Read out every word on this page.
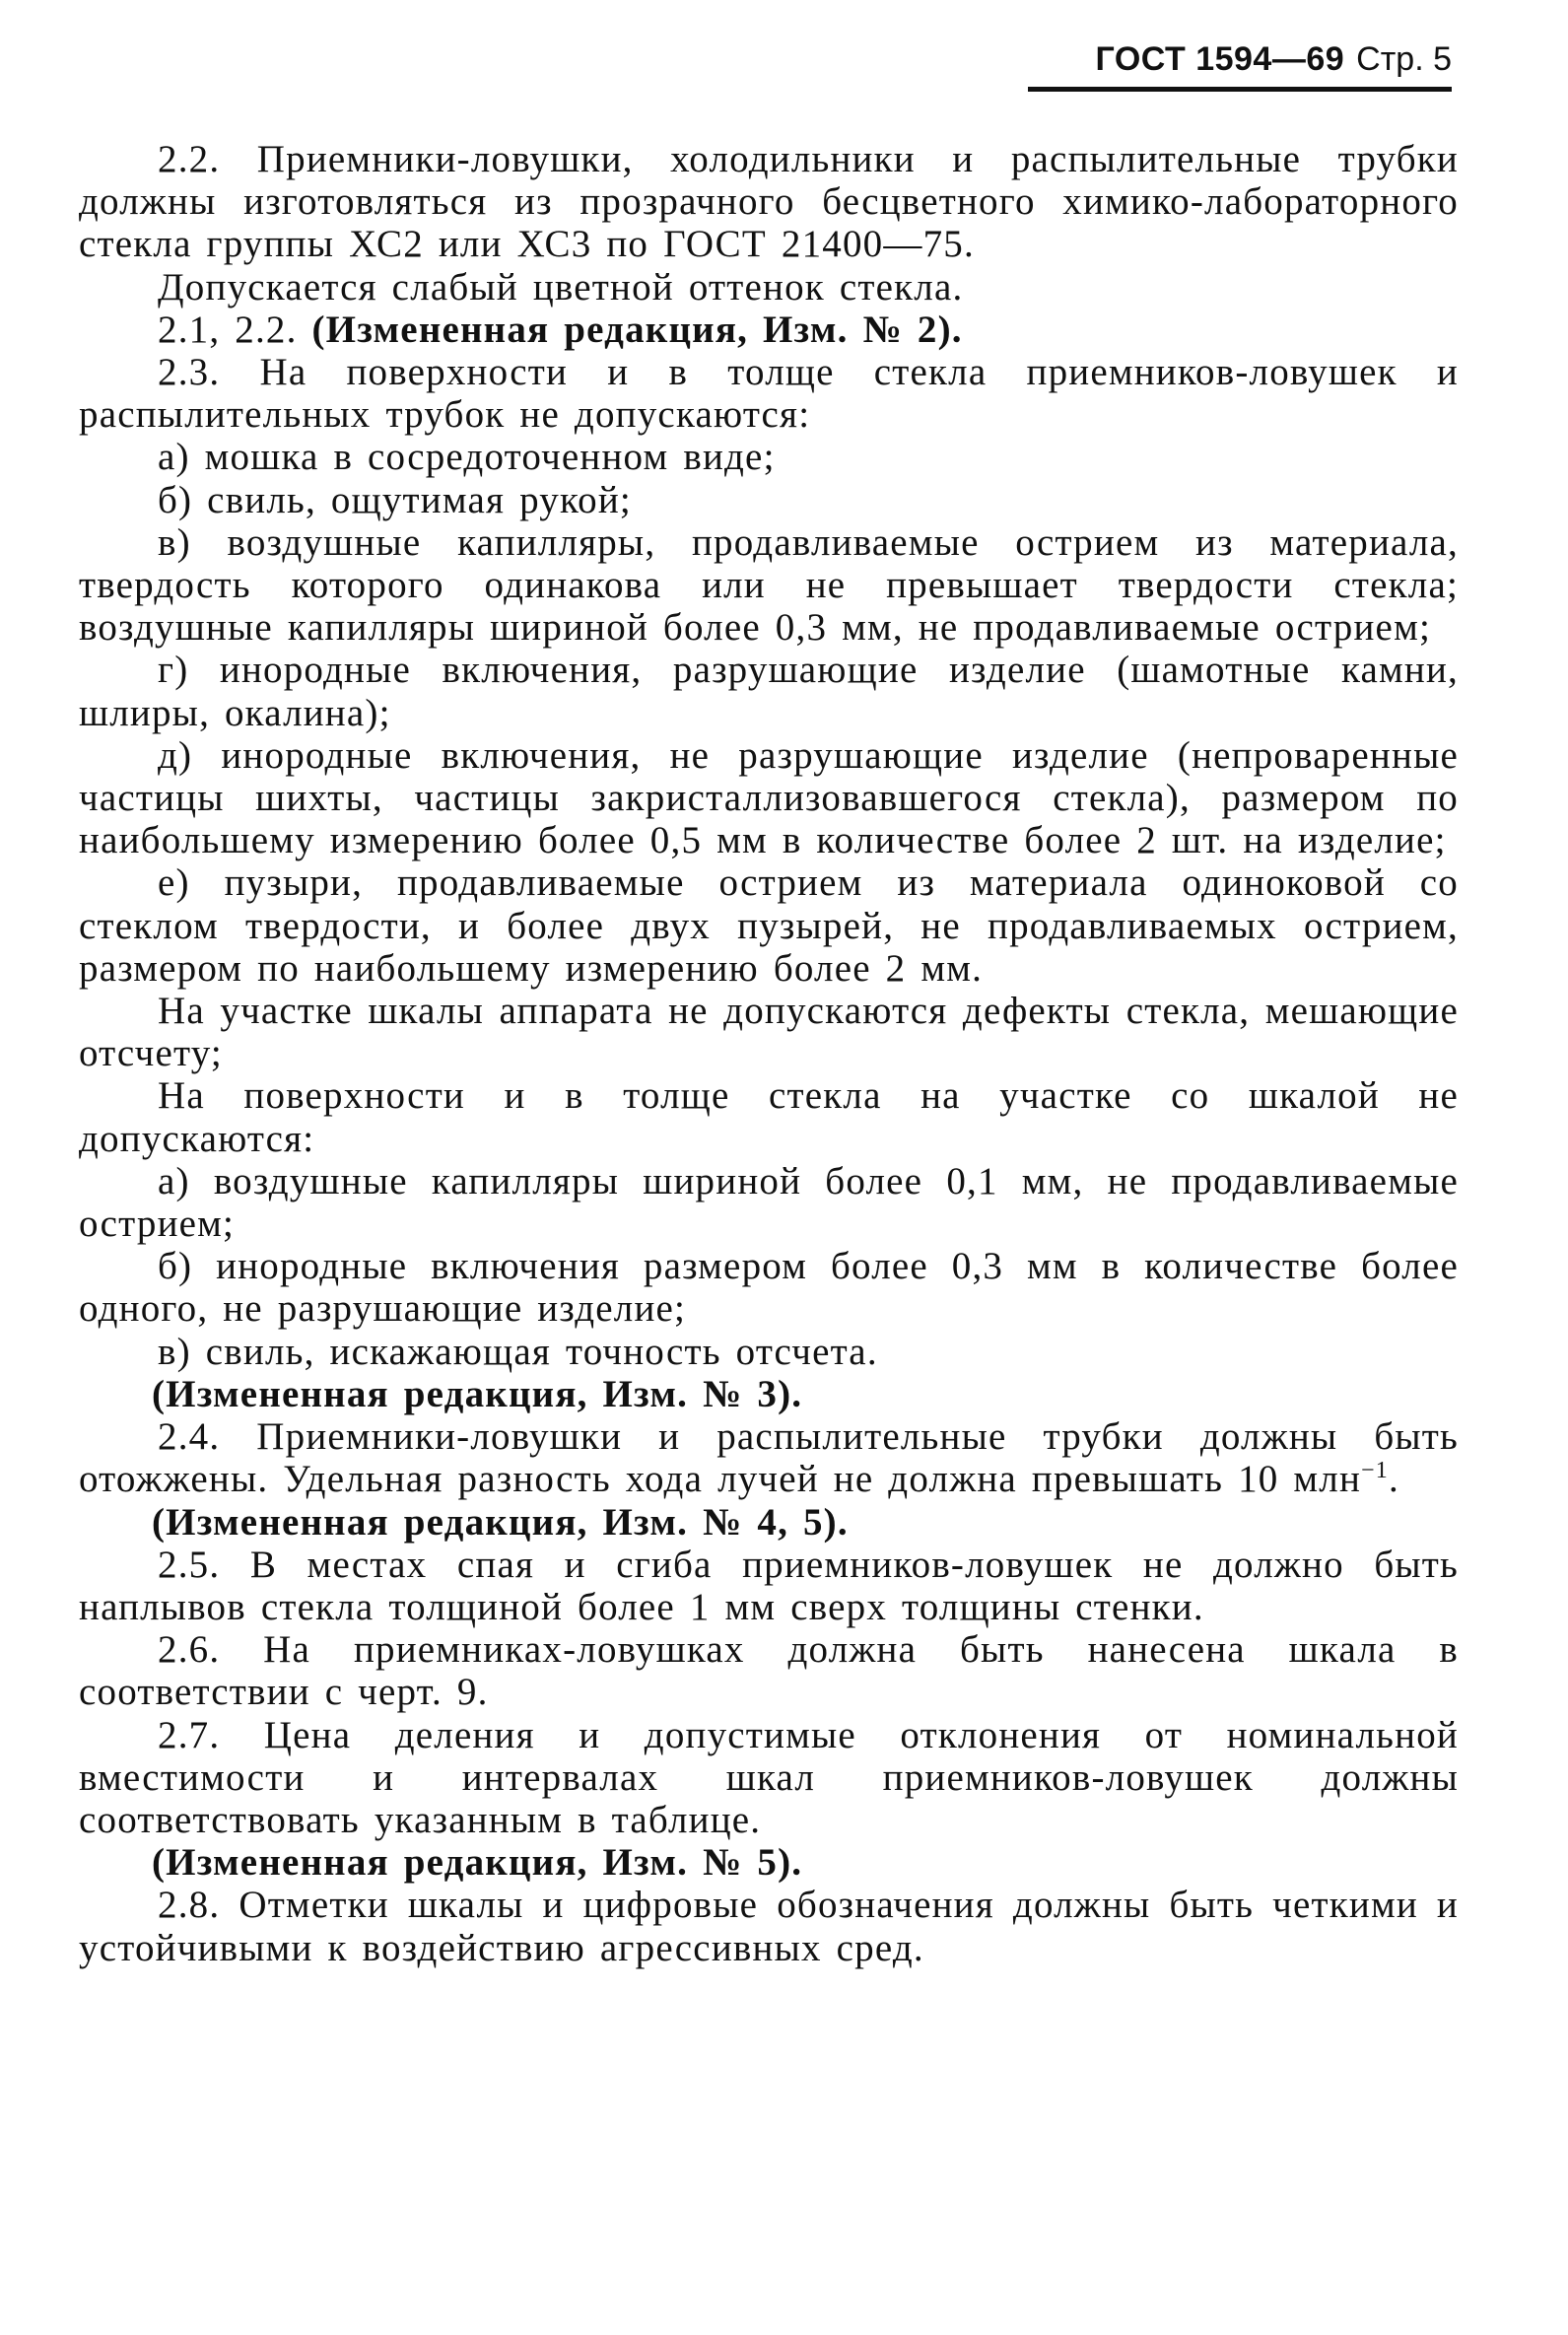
ГОСТ 1594—69 Стр. 5

2.2. Приемники-ловушки, холодильники и распылительные трубки должны изготовляться из прозрачного бесцветного химико-лабораторного стекла группы ХС2 или ХС3 по ГОСТ 21400—75.

Допускается слабый цветной оттенок стекла.

2.1, 2.2. (Измененная редакция, Изм. № 2).

2.3. На поверхности и в толще стекла приемников-ловушек и распылительных трубок не допускаются:

а) мошка в сосредоточенном виде;

б) свиль, ощутимая рукой;

в) воздушные капилляры, продавливаемые острием из материала, твердость которого одинакова или не превышает твердости стекла; воздушные капилляры шириной более 0,3 мм, не продавливаемые острием;

г) инородные включения, разрушающие изделие (шамотные камни, шлиры, окалина);

д) инородные включения, не разрушающие изделие (непроваренные частицы шихты, частицы закристаллизовавшегося стекла), размером по наибольшему измерению более 0,5 мм в количестве более 2 шт. на изделие;

е) пузыри, продавливаемые острием из материала одиноковой со стеклом твердости, и более двух пузырей, не продавливаемых острием, размером по наибольшему измерению более 2 мм.

На участке шкалы аппарата не допускаются дефекты стекла, мешающие отсчету;

На поверхности и в толще стекла на участке со шкалой не допускаются:

а) воздушные капилляры шириной более 0,1 мм, не продавливаемые острием;

б) инородные включения размером более 0,3 мм в количестве более одного, не разрушающие изделие;

в) свиль, искажающая точность отсчета.

(Измененная редакция, Изм. № 3).

2.4. Приемники-ловушки и распылительные трубки должны быть отожжены. Удельная разность хода лучей не должна превышать 10 млн$^{-1}$.

(Измененная редакция, Изм. № 4, 5).

2.5. В местах спая и сгиба приемников-ловушек не должно быть наплывов стекла толщиной более 1 мм сверх толщины стенки.

2.6. На приемниках-ловушках должна быть нанесена шкала в соответствии с черт. 9.

2.7. Цена деления и допустимые отклонения от номинальной вместимости и интервалах шкал приемников-ловушек должны соответствовать указанным в таблице.

(Измененная редакция, Изм. № 5).

2.8. Отметки шкалы и цифровые обозначения должны быть четкими и устойчивыми к воздействию агрессивных сред.
